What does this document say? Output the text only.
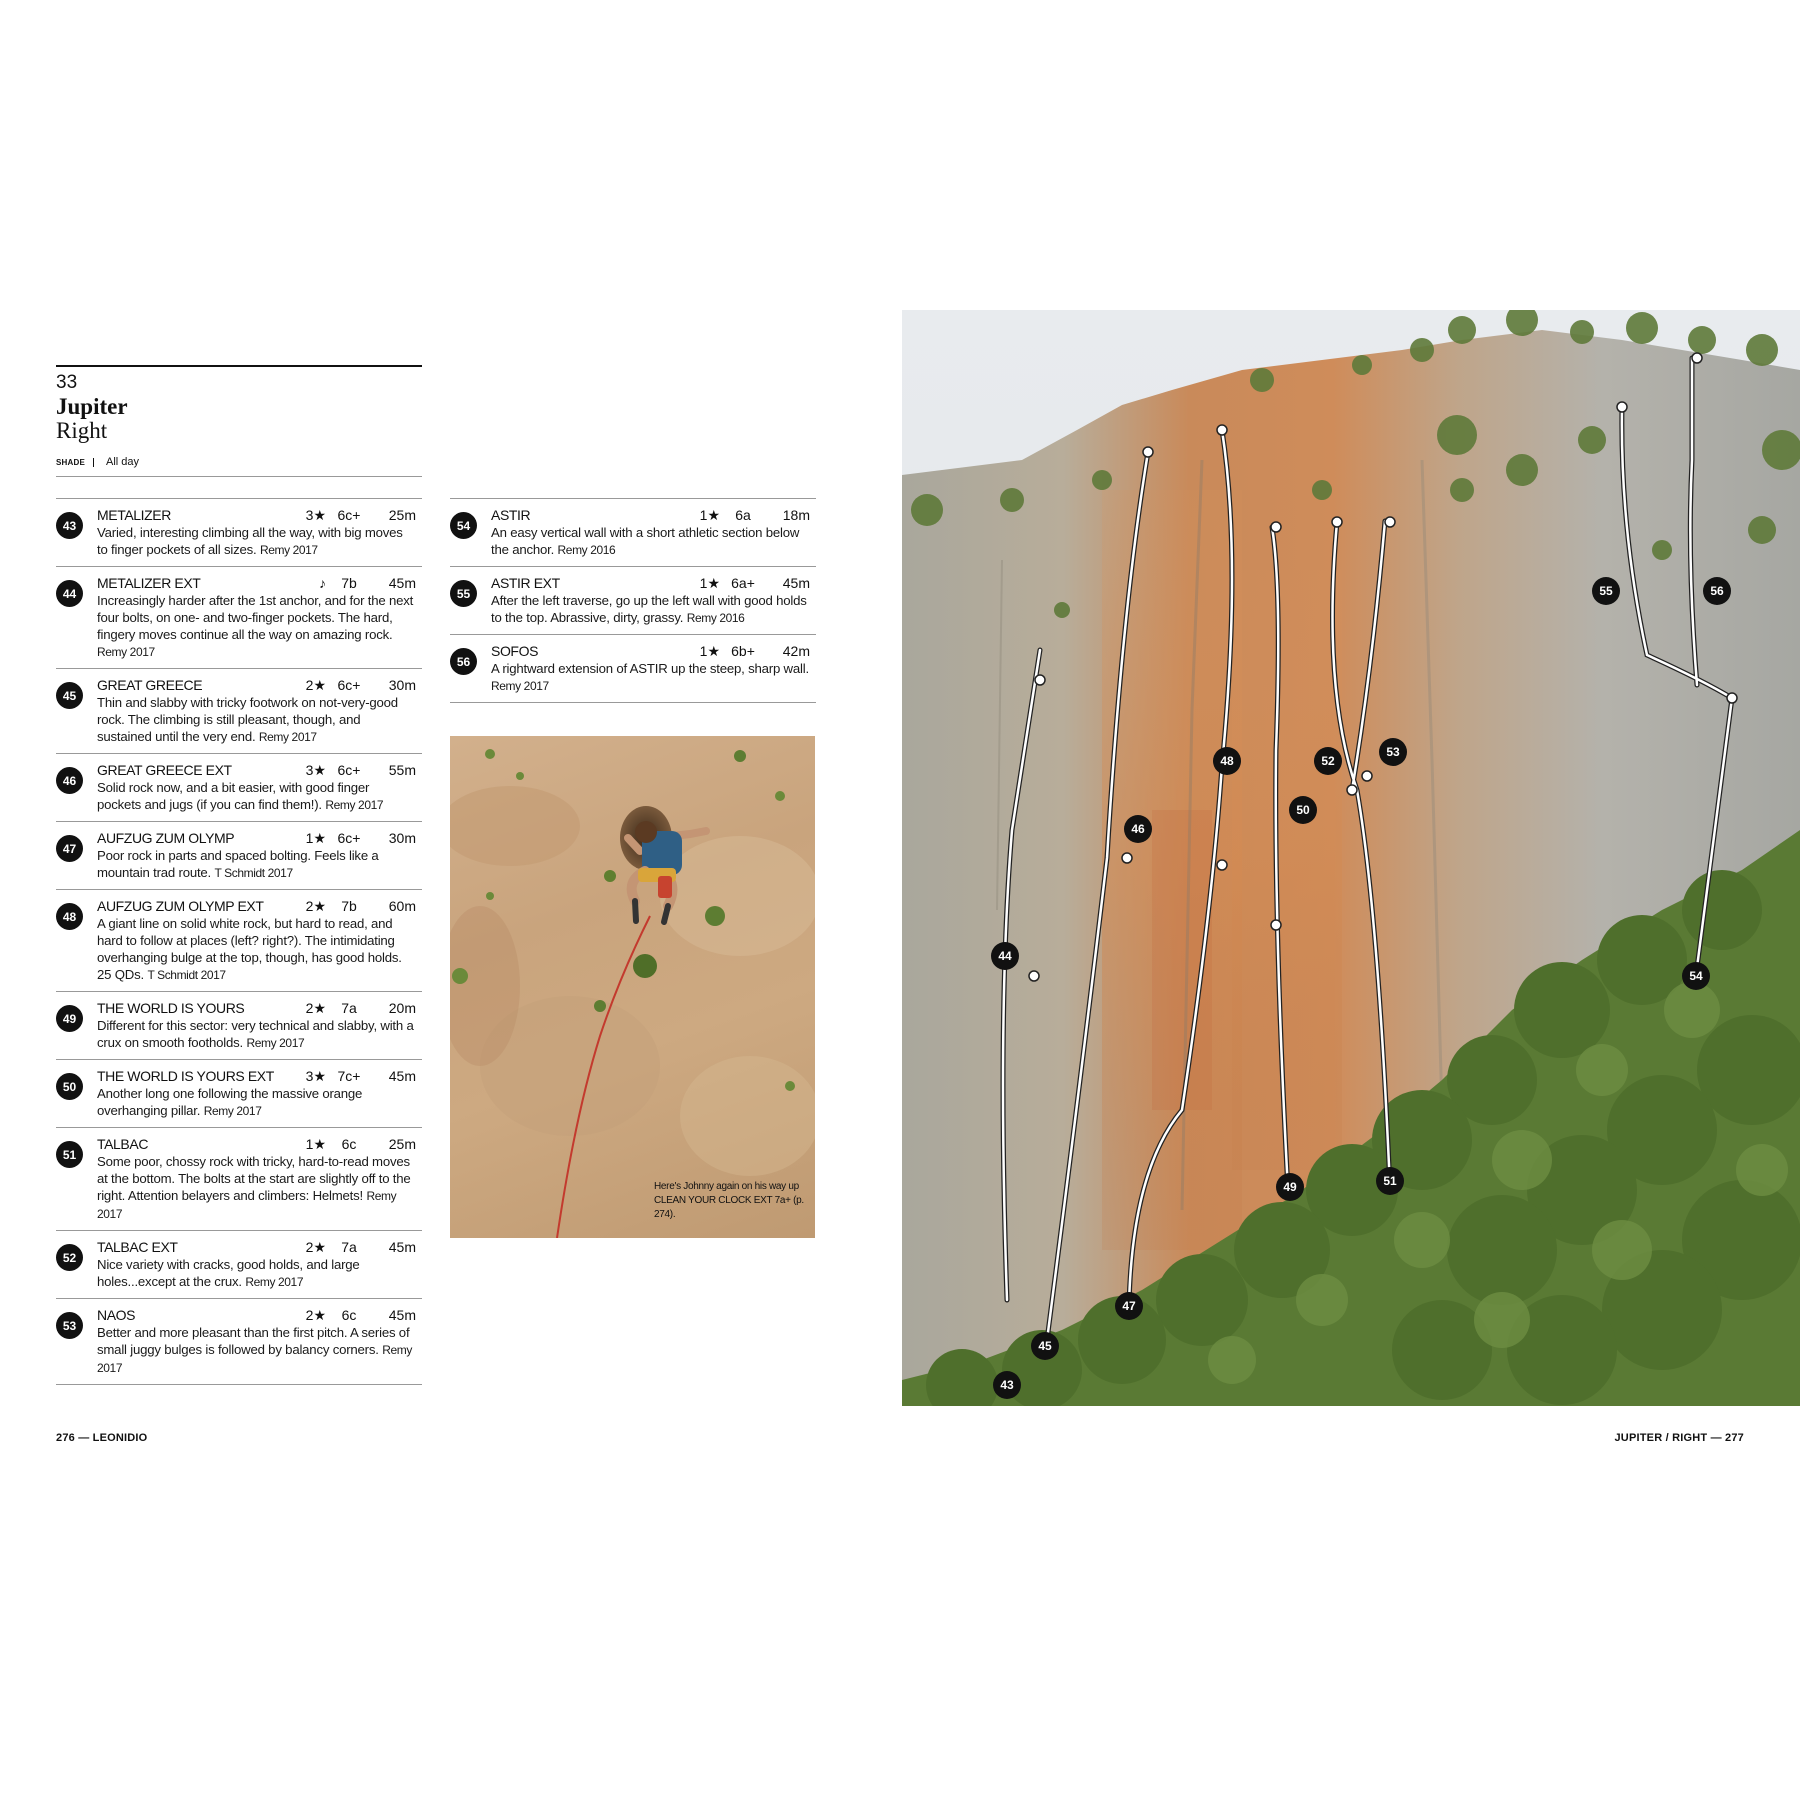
33
Jupiter
Right
SHADE	All day
43
METALIZER	3★ 6c+	25m
Varied, interesting climbing all the way, with big moves to finger pockets of all sizes. Remy 2017
44
METALIZER EXT	♪	7b	45m
Increasingly harder after the 1st anchor, and for the next four bolts, on one- and two-finger pockets. The hard, fingery moves continue all the way on amazing rock. Remy 2017
45
GREAT GREECE	2★ 6c+	30m
Thin and slabby with tricky footwork on not-very-good rock. The climbing is still pleasant, though, and sustained until the very end. Remy 2017
46
GREAT GREECE EXT	3★ 6c+	55m
Solid rock now, and a bit easier, with good finger pockets and jugs (if you can find them!). Remy 2017
47
AUFZUG ZUM OLYMP	1★ 6c+	30m
Poor rock in parts and spaced bolting. Feels like a mountain trad route. T Schmidt 2017
48
AUFZUG ZUM OLYMP EXT	2★	7b	60m
A giant line on solid white rock, but hard to read, and hard to follow at places (left? right?). The intimidating overhanging bulge at the top, though, has good holds. 25 QDs. T Schmidt 2017
49
THE WORLD IS YOURS	2★	7a	20m
Different for this sector: very technical and slabby, with a crux on smooth footholds. Remy 2017
50
THE WORLD IS YOURS EXT	3★ 7c+	45m
Another long one following the massive orange overhanging pillar. Remy 2017
51
TALBAC	1★	6c	25m
Some poor, chossy rock with tricky, hard-to-read moves at the bottom. The bolts at the start are slightly off to the right. Attention belayers and climbers: Helmets! Remy 2017
52
TALBAC EXT	2★	7a	45m
Nice variety with cracks, good holds, and large holes...except at the crux. Remy 2017
53
NAOS	2★	6c	45m
Better and more pleasant than the first pitch. A series of small juggy bulges is followed by balancy corners. Remy 2017
54
ASTIR	1★	6a	18m
An easy vertical wall with a short athletic section below the anchor. Remy 2016
55
ASTIR EXT	1★ 6a+	45m
After the left traverse, go up the left wall with good holds to the top. Abrassive, dirty, grassy. Remy 2016
56
SOFOS	1★ 6b+	42m
A rightward extension of ASTIR up the steep, sharp wall. Remy 2017
Here's Johnny again on his way up CLEAN YOUR CLOCK EXT 7a+ (p. 274).
43
44
45
46
47
48
49
50
51
52
53
54
55	56
276 — LEONIDIO	JUPITER / RIGHT — 277
